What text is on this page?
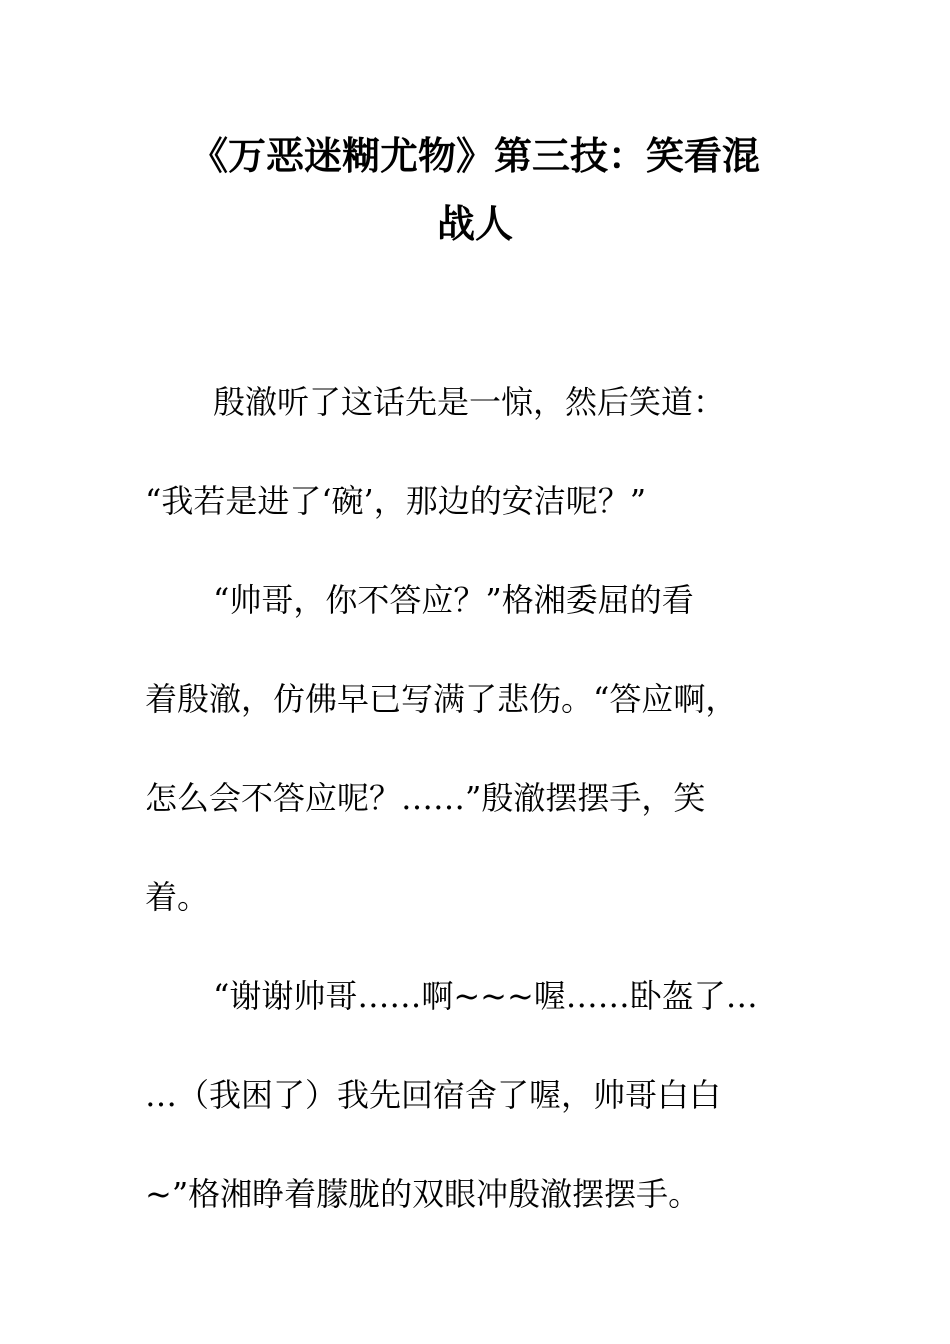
《万恶迷糊尤物》第三技：笑看混
战人
殷澈听了这话先是一惊，然后笑道：
“我若是进了‘碗’，那边的安洁呢？”
“帅哥，你不答应？”格湘委屈的看
着殷澈，仿佛早已写满了悲伤。“答应啊，
怎么会不答应呢？……”殷澈摆摆手，笑
着。
“谢谢帅哥……啊~~~喔……卧盔了…
…（我困了）我先回宿舍了喔，帅哥白白
~”格湘睁着朦胧的双眼冲殷澈摆摆手。
